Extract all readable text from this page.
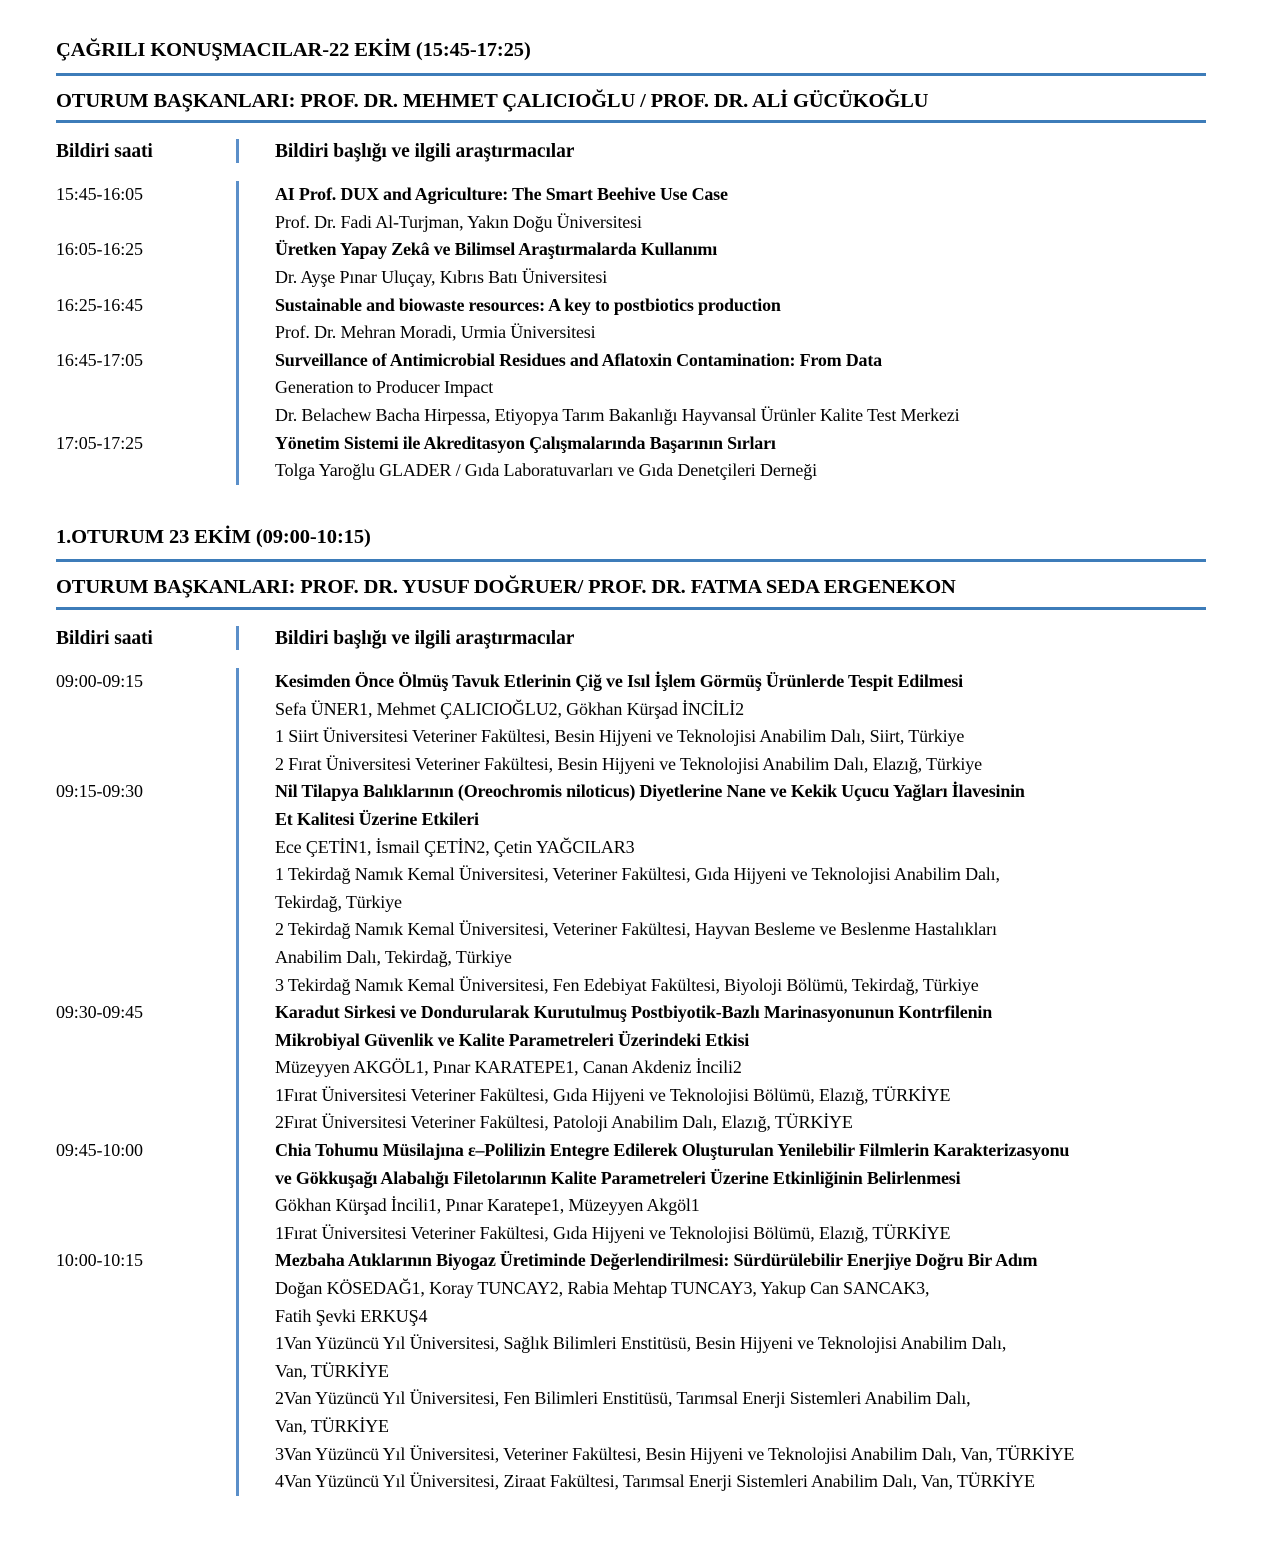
ÇAĞRILI KONUŞMACILAR-22 EKİM (15:45-17:25)
OTURUM BAŞKANLARI: PROF. DR. MEHMET ÇALICIOĞLU / PROF. DR. ALİ GÜCÜKOĞLU
Bildiri saati	Bildiri başlığı ve ilgili araştırmacılar
15:45-16:05

16:05-16:25

16:25-16:45

16:45-17:05

17:05-17:25

AI Prof. DUX and Agriculture: The Smart Beehive Use Case
Prof. Dr. Fadi Al-Turjman, Yakın Doğu Üniversitesi
Üretken Yapay Zekâ ve Bilimsel Araştırmalarda Kullanımı
Dr. Ayşe Pınar Uluçay, Kıbrıs Batı Üniversitesi
Sustainable and biowaste resources: A key to postbiotics production
Prof. Dr. Mehran Moradi, Urmia Üniversitesi
Surveillance of Antimicrobial Residues and Aflatoxin Contamination: From Data
Generation to Producer Impact
Dr. Belachew Bacha Hirpessa, Etiyopya Tarım Bakanlığı Hayvansal Ürünler Kalite Test Merkezi
Yönetim Sistemi ile Akreditasyon Çalışmalarında Başarının Sırları
Tolga Yaroğlu GLADER / Gıda Laboratuvarları ve Gıda Denetçileri Derneği
1.OTURUM 23 EKİM (09:00-10:15)
OTURUM BAŞKANLARI: PROF. DR. YUSUF DOĞRUER/ PROF. DR. FATMA SEDA ERGENEKON
Bildiri saati	Bildiri başlığı ve ilgili araştırmacılar
09:00-09:15

09:15-09:30

09:30-09:45

09:45-10:00

10:00-10:15

Kesimden Önce Ölmüş Tavuk Etlerinin Çiğ ve Isıl İşlem Görmüş Ürünlerde Tespit Edilmesi
Sefa ÜNER1, Mehmet ÇALICIOĞLU2, Gökhan Kürşad İNCİLİ2
1 Siirt Üniversitesi Veteriner Fakültesi, Besin Hijyeni ve Teknolojisi Anabilim Dalı, Siirt, Türkiye
2 Fırat Üniversitesi Veteriner Fakültesi, Besin Hijyeni ve Teknolojisi Anabilim Dalı, Elazığ, Türkiye
Nil Tilapya Balıklarının (Oreochromis niloticus) Diyetlerine Nane ve Kekik Uçucu Yağları İlavesinin
Et Kalitesi Üzerine Etkileri
Ece ÇETİN1, İsmail ÇETİN2, Çetin YAĞCILAR3
1 Tekirdağ Namık Kemal Üniversitesi, Veteriner Fakültesi, Gıda Hijyeni ve Teknolojisi Anabilim Dalı,
Tekirdağ, Türkiye
2 Tekirdağ Namık Kemal Üniversitesi, Veteriner Fakültesi, Hayvan Besleme ve Beslenme Hastalıkları
Anabilim Dalı, Tekirdağ, Türkiye
3 Tekirdağ Namık Kemal Üniversitesi, Fen Edebiyat Fakültesi, Biyoloji Bölümü, Tekirdağ, Türkiye
Karadut Sirkesi ve Dondurularak Kurutulmuş Postbiyotik-Bazlı Marinasyonunun Kontrfilenin
Mikrobiyal Güvenlik ve Kalite Parametreleri Üzerindeki Etkisi
Müzeyyen AKGÖL1, Pınar KARATEPE1, Canan Akdeniz İncili2
1Fırat Üniversitesi Veteriner Fakültesi, Gıda Hijyeni ve Teknolojisi Bölümü, Elazığ, TÜRKİYE
2Fırat Üniversitesi Veteriner Fakültesi, Patoloji Anabilim Dalı, Elazığ, TÜRKİYE
Chia Tohumu Müsilajına ε–Polilizin Entegre Edilerek Oluşturulan Yenilebilir Filmlerin Karakterizasyonu
ve Gökkuşağı Alabalığı Filetolarının Kalite Parametreleri Üzerine Etkinliğinin Belirlenmesi
Gökhan Kürşad İncili1, Pınar Karatepe1, Müzeyyen Akgöl1
1Fırat Üniversitesi Veteriner Fakültesi, Gıda Hijyeni ve Teknolojisi Bölümü, Elazığ, TÜRKİYE
Mezbaha Atıklarının Biyogaz Üretiminde Değerlendirilmesi: Sürdürülebilir Enerjiye Doğru Bir Adım
Doğan KÖSEDAĞ1, Koray TUNCAY2, Rabia Mehtap TUNCAY3, Yakup Can SANCAK3,
Fatih Şevki ERKUŞ4
1Van Yüzüncü Yıl Üniversitesi, Sağlık Bilimleri Enstitüsü, Besin Hijyeni ve Teknolojisi Anabilim Dalı,
Van, TÜRKİYE
2Van Yüzüncü Yıl Üniversitesi, Fen Bilimleri Enstitüsü, Tarımsal Enerji Sistemleri Anabilim Dalı,
Van, TÜRKİYE
3Van Yüzüncü Yıl Üniversitesi, Veteriner Fakültesi, Besin Hijyeni ve Teknolojisi Anabilim Dalı, Van, TÜRKİYE
4Van Yüzüncü Yıl Üniversitesi, Ziraat Fakültesi, Tarımsal Enerji Sistemleri Anabilim Dalı, Van, TÜRKİYE
